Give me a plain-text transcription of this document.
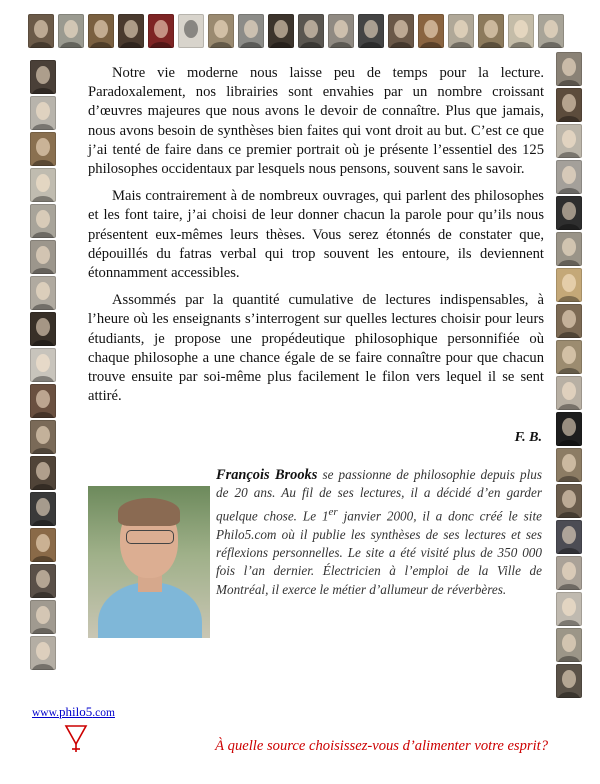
Notre vie moderne nous laisse peu de temps pour la lecture. Paradoxalement, nos librairies sont envahies par un nombre croissant d’œuvres majeures que nous avons le devoir de connaître. Plus que jamais, nous avons besoin de synthèses bien faites qui vont droit au but. C’est ce que j’ai tenté de faire dans ce premier portrait où je présente l’essentiel des 125 philosophes occidentaux par lesquels nous pensons, souvent sans le savoir.

Mais contrairement à de nombreux ouvrages, qui parlent des philosophes et les font taire, j’ai choisi de leur donner chacun la parole pour qu’ils nous présentent eux-mêmes leurs thèses. Vous serez étonnés de constater que, dépouillés du fatras verbal qui trop souvent les entoure, ils deviennent étonnamment accessibles.

Assommés par la quantité cumulative de lectures indispensables, à l’heure où les enseignants s’interrogent sur quelles lectures choisir pour leurs étudiants, je propose une propédeutique philosophique personnifiée où chaque philosophe a une chance égale de se faire connaître pour que chacun trouve ensuite par soi-même plus facilement le filon vers lequel il se sent attiré.

F. B.
François Brooks se passionne de philosophie depuis plus de 20 ans. Au fil de ses lectures, il a décidé d’en garder quelque chose. Le 1er janvier 2000, il a donc créé le site Philo5.com où il publie les synthèses de ses lectures et ses réflexions personnelles. Le site a été visité plus de 350 000 fois l’an dernier. Électricien à l’emploi de la Ville de Montréal, il exerce le métier d’allumeur de réverbères.
www.philo5.com
À quelle source choisissez-vous d’alimenter votre esprit?
